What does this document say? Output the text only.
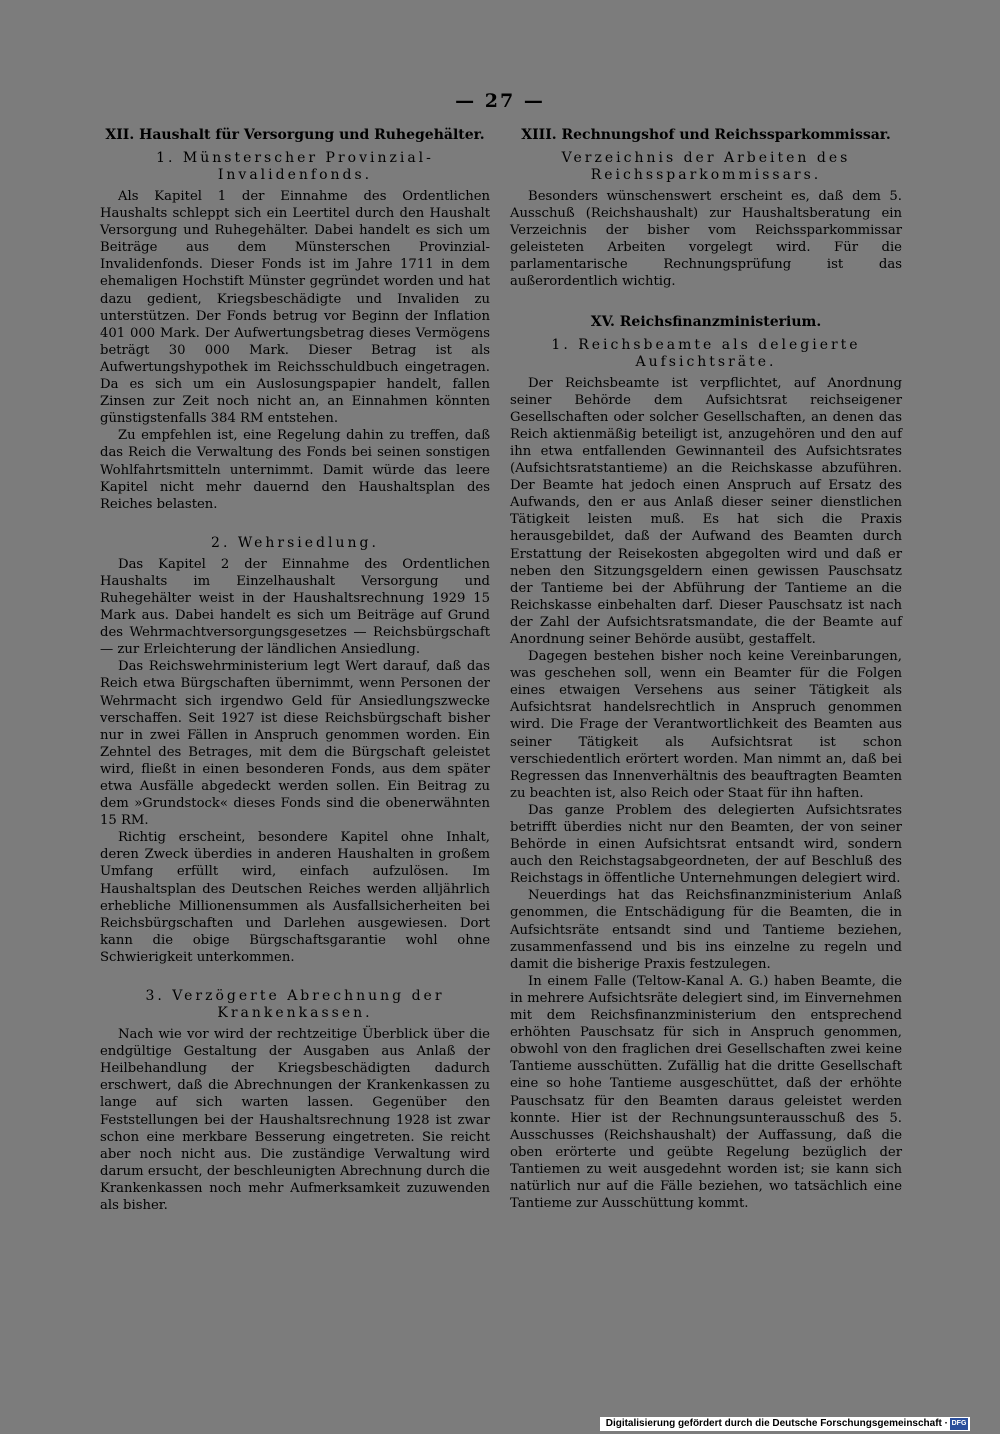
— 27 —
XII. Haushalt für Versorgung und Ruhegehälter.
1. Münsterscher Provinzial-Invalidenfonds.

Als Kapitel 1 der Einnahme des Ordentlichen Haushalts schleppt sich ein Leertitel durch den Haushalt Versorgung und Ruhegehälter. Dabei handelt es sich um Beiträge aus dem Münsterschen Provinzial-Invalidenfonds. Dieser Fonds ist im Jahre 1711 in dem ehemaligen Hochstift Münster gegründet worden und hat dazu gedient, Kriegsbeschädigte und Invaliden zu unterstützen. Der Fonds betrug vor Beginn der Inflation 401 000 Mark. Der Aufwertungsbetrag dieses Vermögens beträgt 30 000 Mark. Dieser Betrag ist als Aufwertungshypothek im Reichsschuldbuch eingetragen. Da es sich um ein Auslosungspapier handelt, fallen Zinsen zur Zeit noch nicht an, an Einnahmen könnten günstigstenfalls 384 RM entstehen.

Zu empfehlen ist, eine Regelung dahin zu treffen, daß das Reich die Verwaltung des Fonds bei seinen sonstigen Wohlfahrtsmitteln unternimmt. Damit würde das leere Kapitel nicht mehr dauernd den Haushaltsplan des Reiches belasten.

2. Wehrsiedlung.

Das Kapitel 2 der Einnahme des Ordentlichen Haushalts im Einzelhaushalt Versorgung und Ruhegehälter weist in der Haushaltsrechnung 1929 15 Mark aus. Dabei handelt es sich um Beiträge auf Grund des Wehrmachtversorgungsgesetzes — Reichsbürgschaft — zur Erleichterung der ländlichen Ansiedlung.

Das Reichswehrministerium legt Wert darauf, daß das Reich etwa Bürgschaften übernimmt, wenn Personen der Wehrmacht sich irgendwo Geld für Ansiedlungszwecke verschaffen. Seit 1927 ist diese Reichsbürgschaft bisher nur in zwei Fällen in Anspruch genommen worden. Ein Zehntel des Betrages, mit dem die Bürgschaft geleistet wird, fließt in einen besonderen Fonds, aus dem später etwa Ausfälle abgedeckt werden sollen. Ein Beitrag zu dem »Grundstock« dieses Fonds sind die obenerwähnten 15 RM.

Richtig erscheint, besondere Kapitel ohne Inhalt, deren Zweck überdies in anderen Haushalten in großem Umfang erfüllt wird, einfach aufzulösen. Im Haushaltsplan des Deutschen Reiches werden alljährlich erhebliche Millionensummen als Ausfallsicherheiten bei Reichsbürgschaften und Darlehen ausgewiesen. Dort kann die obige Bürgschaftsgarantie wohl ohne Schwierigkeit unterkommen.

3. Verzögerte Abrechnung der Krankenkassen.

Nach wie vor wird der rechtzeitige Überblick über die endgültige Gestaltung der Ausgaben aus Anlaß der Heilbehandlung der Kriegsbeschädigten dadurch erschwert, daß die Abrechnungen der Krankenkassen zu lange auf sich warten lassen. Gegenüber den Feststellungen bei der Haushaltsrechnung 1928 ist zwar schon eine merkbare Besserung eingetreten. Sie reicht aber noch nicht aus. Die zuständige Verwaltung wird darum ersucht, der beschleunigten Abrechnung durch die Krankenkassen noch mehr Aufmerksamkeit zuzuwenden als bisher.

XIII. Rechnungshof und Reichssparkommissar.
Verzeichnis der Arbeiten des Reichssparkommissars.

Besonders wünschenswert erscheint es, daß dem 5. Ausschuß (Reichshaushalt) zur Haushaltsberatung ein Verzeichnis der bisher vom Reichssparkommissar geleisteten Arbeiten vorgelegt wird. Für die parlamentarische Rechnungsprüfung ist das außerordentlich wichtig.

XV. Reichsfinanzministerium.
1. Reichsbeamte als delegierte Aufsichtsräte.

Der Reichsbeamte ist verpflichtet, auf Anordnung seiner Behörde dem Aufsichtsrat reichseigener Gesellschaften oder solcher Gesellschaften, an denen das Reich aktienmäßig beteiligt ist, anzugehören und den auf ihn etwa entfallenden Gewinnanteil des Aufsichtsrates (Aufsichtsratstantieme) an die Reichskasse abzuführen. Der Beamte hat jedoch einen Anspruch auf Ersatz des Aufwands, den er aus Anlaß dieser seiner dienstlichen Tätigkeit leisten muß. Es hat sich die Praxis herausgebildet, daß der Aufwand des Beamten durch Erstattung der Reisekosten abgegolten wird und daß er neben den Sitzungsgeldern einen gewissen Pauschsatz der Tantieme bei der Abführung der Tantieme an die Reichskasse einbehalten darf. Dieser Pauschsatz ist nach der Zahl der Aufsichtsratsmandate, die der Beamte auf Anordnung seiner Behörde ausübt, gestaffelt.

Dagegen bestehen bisher noch keine Vereinbarungen, was geschehen soll, wenn ein Beamter für die Folgen eines etwaigen Versehens aus seiner Tätigkeit als Aufsichtsrat handelsrechtlich in Anspruch genommen wird. Die Frage der Verantwortlichkeit des Beamten aus seiner Tätigkeit als Aufsichtsrat ist schon verschiedentlich erörtert worden. Man nimmt an, daß bei Regressen das Innenverhältnis des beauftragten Beamten zu beachten ist, also Reich oder Staat für ihn haften.

Das ganze Problem des delegierten Aufsichtsrates betrifft überdies nicht nur den Beamten, der von seiner Behörde in einen Aufsichtsrat entsandt wird, sondern auch den Reichstagsabgeordneten, der auf Beschluß des Reichstags in öffentliche Unternehmungen delegiert wird.

Neuerdings hat das Reichsfinanzministerium Anlaß genommen, die Entschädigung für die Beamten, die in Aufsichtsräte entsandt sind und Tantieme beziehen, zusammenfassend und bis ins einzelne zu regeln und damit die bisherige Praxis festzulegen.

In einem Falle (Teltow-Kanal A. G.) haben Beamte, die in mehrere Aufsichtsräte delegiert sind, im Einvernehmen mit dem Reichsfinanzministerium den entsprechend erhöhten Pauschsatz für sich in Anspruch genommen, obwohl von den fraglichen drei Gesellschaften zwei keine Tantieme ausschütten. Zufällig hat die dritte Gesellschaft eine so hohe Tantieme ausgeschüttet, daß der erhöhte Pauschsatz für den Beamten daraus geleistet werden konnte. Hier ist der Rechnungsunterausschuß des 5. Ausschusses (Reichshaushalt) der Auffassung, daß die oben erörterte und geübte Regelung bezüglich der Tantiemen zu weit ausgedehnt worden ist; sie kann sich natürlich nur auf die Fälle beziehen, wo tatsächlich eine Tantieme zur Ausschüttung kommt.

Digitalisierung gefördert durch die Deutsche Forschungsgemeinschaft · DFG
